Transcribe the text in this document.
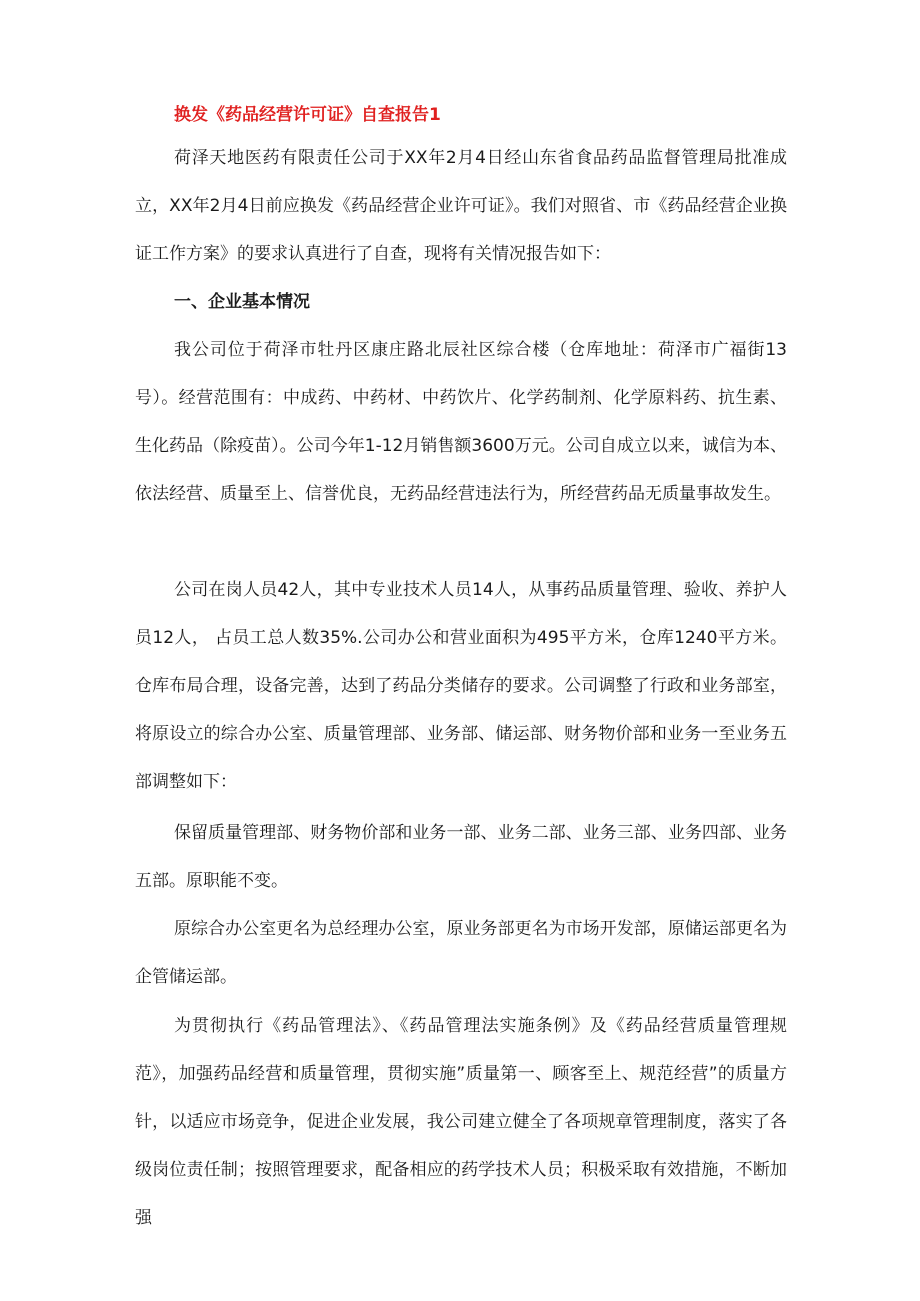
换发《药品经营许可证》自查报告1

荷泽天地医药有限责任公司于XX年2月4日经山东省食品药品监督管理局批准成立，XX年2月4日前应换发《药品经营企业许可证》。我们对照省、市《药品经营企业换证工作方案》的要求认真进行了自查，现将有关情况报告如下：

一、企业基本情况

我公司位于荷泽市牡丹区康庄路北辰社区综合楼（仓库地址：荷泽市广福街13号）。经营范围有：中成药、中药材、中药饮片、化学药制剂、化学原料药、抗生素、生化药品（除疫苗）。公司今年1-12月销售额3600万元。公司自成立以来，诚信为本、依法经营、质量至上、信誉优良，无药品经营违法行为，所经营药品无质量事故发生。

公司在岗人员42人，其中专业技术人员14人，从事药品质量管理、验收、养护人员12人， 占员工总人数35%.公司办公和营业面积为495平方米，仓库1240平方米。仓库布局合理，设备完善，达到了药品分类储存的要求。公司调整了行政和业务部室，将原设立的综合办公室、质量管理部、业务部、储运部、财务物价部和业务一至业务五部调整如下：

保留质量管理部、财务物价部和业务一部、业务二部、业务三部、业务四部、业务五部。原职能不变。

原综合办公室更名为总经理办公室，原业务部更名为市场开发部，原储运部更名为企管储运部。

为贯彻执行《药品管理法》、《药品管理法实施条例》及《药品经营质量管理规范》，加强药品经营和质量管理，贯彻实施”质量第一、顾客至上、规范经营”的质量方针，以适应市场竞争，促进企业发展，我公司建立健全了各项规章管理制度，落实了各级岗位责任制；按照管理要求，配备相应的药学技术人员；积极采取有效措施，不断加强
